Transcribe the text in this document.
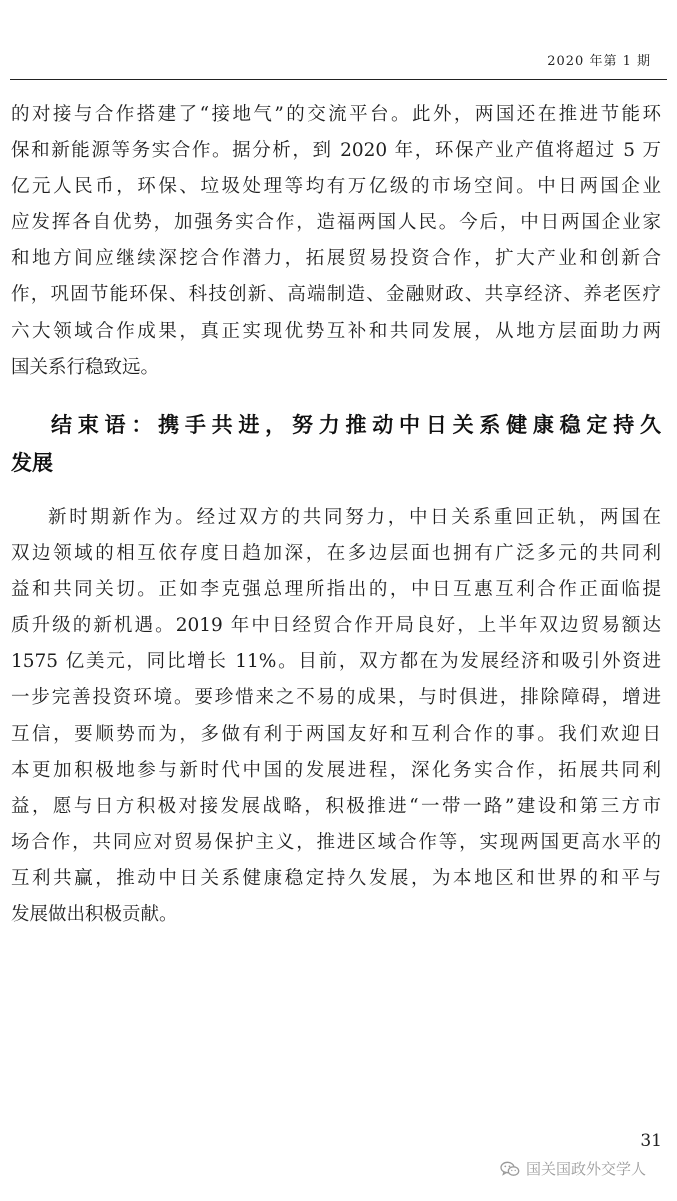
2020 年第 1 期

的对接与合作搭建了“接地气”的交流平台。此外，两国还在推进节能环
保和新能源等务实合作。据分析，到 2020 年，环保产业产值将超过 5 万
亿元人民币，环保、垃圾处理等均有万亿级的市场空间。中日两国企业
应发挥各自优势，加强务实合作，造福两国人民。今后，中日两国企业家
和地方间应继续深挖合作潜力，拓展贸易投资合作，扩大产业和创新合
作，巩固节能环保、科技创新、高端制造、金融财政、共享经济、养老医疗
六大领域合作成果，真正实现优势互补和共同发展，从地方层面助力两
国关系行稳致远。

结束语：携手共进，努力推动中日关系健康稳定持久
发展

新时期新作为。经过双方的共同努力，中日关系重回正轨，两国在
双边领域的相互依存度日趋加深，在多边层面也拥有广泛多元的共同利
益和共同关切。正如李克强总理所指出的，中日互惠互利合作正面临提
质升级的新机遇。2019 年中日经贸合作开局良好，上半年双边贸易额达
1575 亿美元，同比增长 11%。目前，双方都在为发展经济和吸引外资进
一步完善投资环境。要珍惜来之不易的成果，与时俱进，排除障碍，增进
互信，要顺势而为，多做有利于两国友好和互利合作的事。我们欢迎日
本更加积极地参与新时代中国的发展进程，深化务实合作，拓展共同利
益，愿与日方积极对接发展战略，积极推进“一带一路”建设和第三方市
场合作，共同应对贸易保护主义，推进区域合作等，实现两国更高水平的
互利共赢，推动中日关系健康稳定持久发展，为本地区和世界的和平与
发展做出积极贡献。

31
国关国政外交学人
